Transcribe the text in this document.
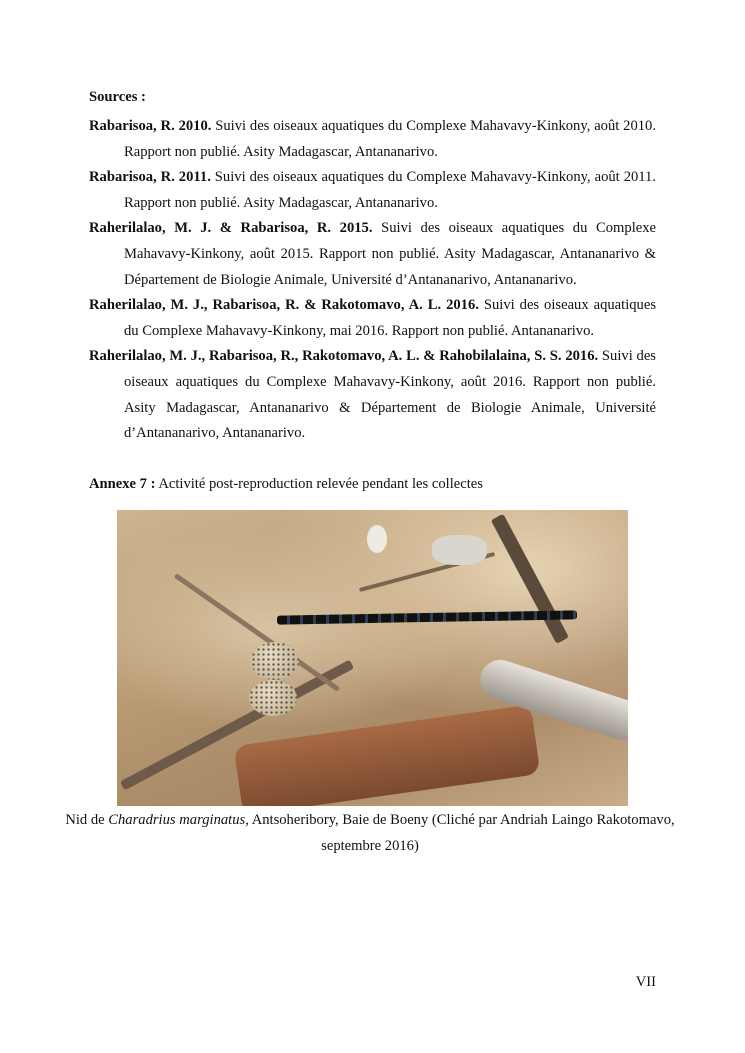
Sources :

Rabarisoa, R. 2010. Suivi des oiseaux aquatiques du Complexe Mahavavy-Kinkony, août 2010. Rapport non publié. Asity Madagascar, Antananarivo.

Rabarisoa, R. 2011. Suivi des oiseaux aquatiques du Complexe Mahavavy-Kinkony, août 2011. Rapport non publié. Asity Madagascar, Antananarivo.

Raherilalao, M. J. & Rabarisoa, R. 2015. Suivi des oiseaux aquatiques du Complexe Mahavavy-Kinkony, août 2015. Rapport non publié. Asity Madagascar, Antananarivo & Département de Biologie Animale, Université d’Antananarivo, Antananarivo.

Raherilalao, M. J., Rabarisoa, R. & Rakotomavo, A. L. 2016. Suivi des oiseaux aquatiques du Complexe Mahavavy-Kinkony, mai 2016. Rapport non publié. Antananarivo.

Raherilalao, M. J., Rabarisoa, R., Rakotomavo, A. L. & Rahobilalaina, S. S. 2016. Suivi des oiseaux aquatiques du Complexe Mahavavy-Kinkony, août 2016. Rapport non publié. Asity Madagascar, Antananarivo & Département de Biologie Animale, Université d’Antananarivo, Antananarivo.

Annexe 7 : Activité post-reproduction relevée pendant les collectes
Nid de Charadrius marginatus, Antsoheribory, Baie de Boeny (Cliché par Andriah Laingo Rakotomavo, septembre 2016)
VII
